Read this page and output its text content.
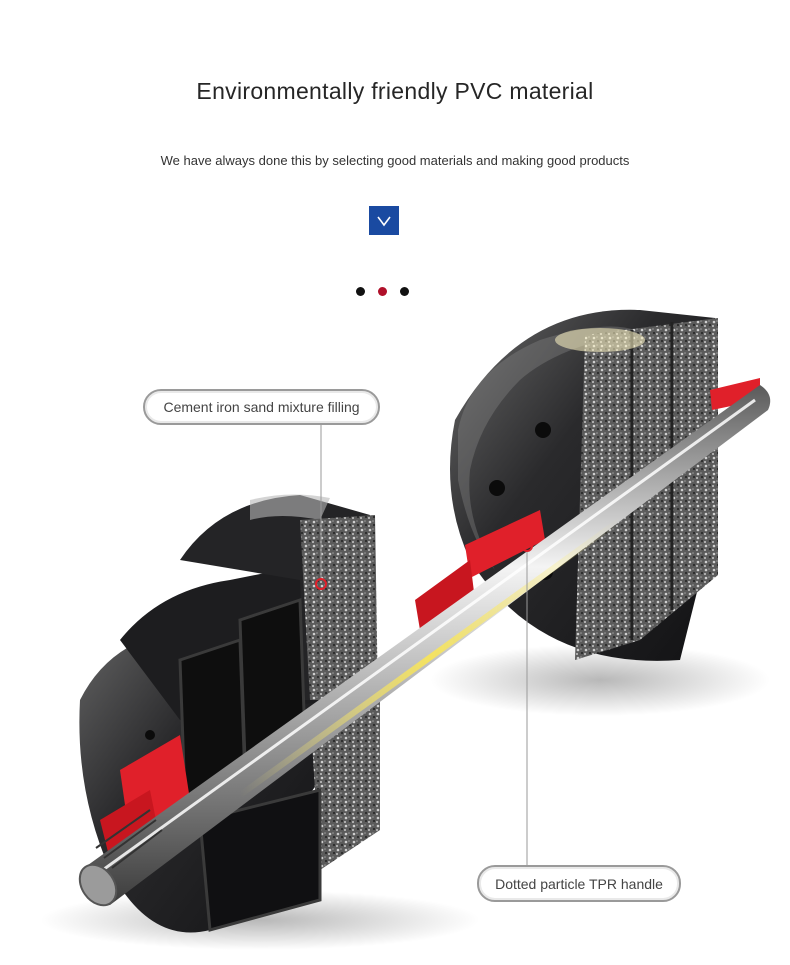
Environmentally friendly PVC material
We have always done this by selecting good materials and making good products
Cement iron sand mixture filling
Dotted particle TPR handle
